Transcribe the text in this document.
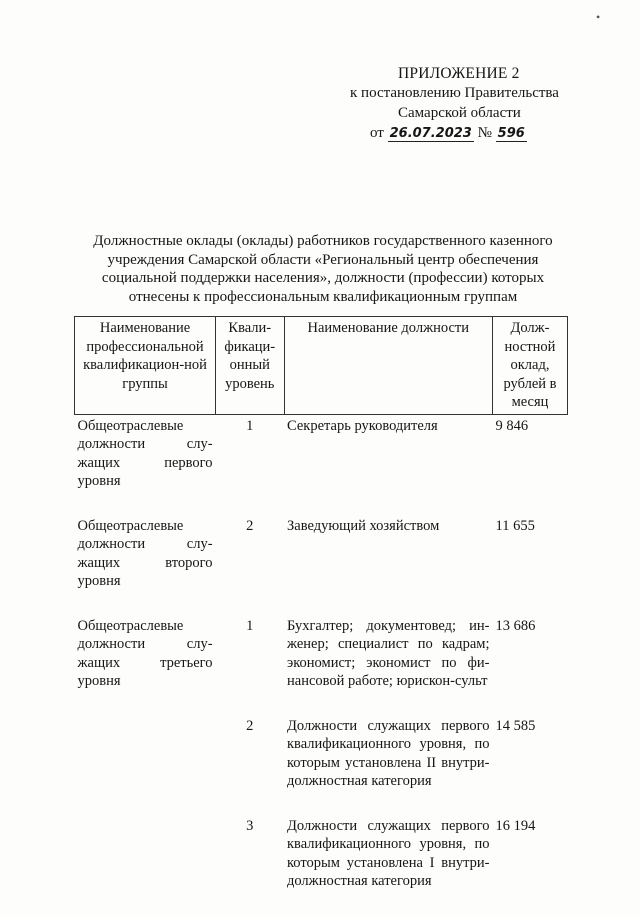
•
ПРИЛОЖЕНИЕ 2
к постановлению Правительства
Самарской области
от 26.07.2023 № 596
Должностные оклады (оклады) работников государственного казенного учреждения Самарской области «Региональный центр обеспечения социальной поддержки населения», должности (профессии) которых отнесены к профессиональным квалификационным группам
Наименование профессиональной квалификацион-ной группы	Квали-фикаци-онный уровень	Наименование должности	Долж-ностной оклад, рублей в месяц
Общеотраслевые должности слу-жащих первого уровня	1	Секретарь руководителя	9 846
Общеотраслевые должности слу-жащих второго уровня	2	Заведующий хозяйством	11 655
Общеотраслевые должности слу-жащих третьего уровня	1	Бухгалтер; документовед; ин-женер; специалист по кадрам; экономист; экономист по фи-нансовой работе; юрискон-сульт	13 686
	2	Должности служащих первого квалификационного уровня, по которым установлена II внутри-должностная категория	14 585
	3	Должности служащих первого квалификационного уровня, по которым установлена I внутри-должностная категория	16 194
